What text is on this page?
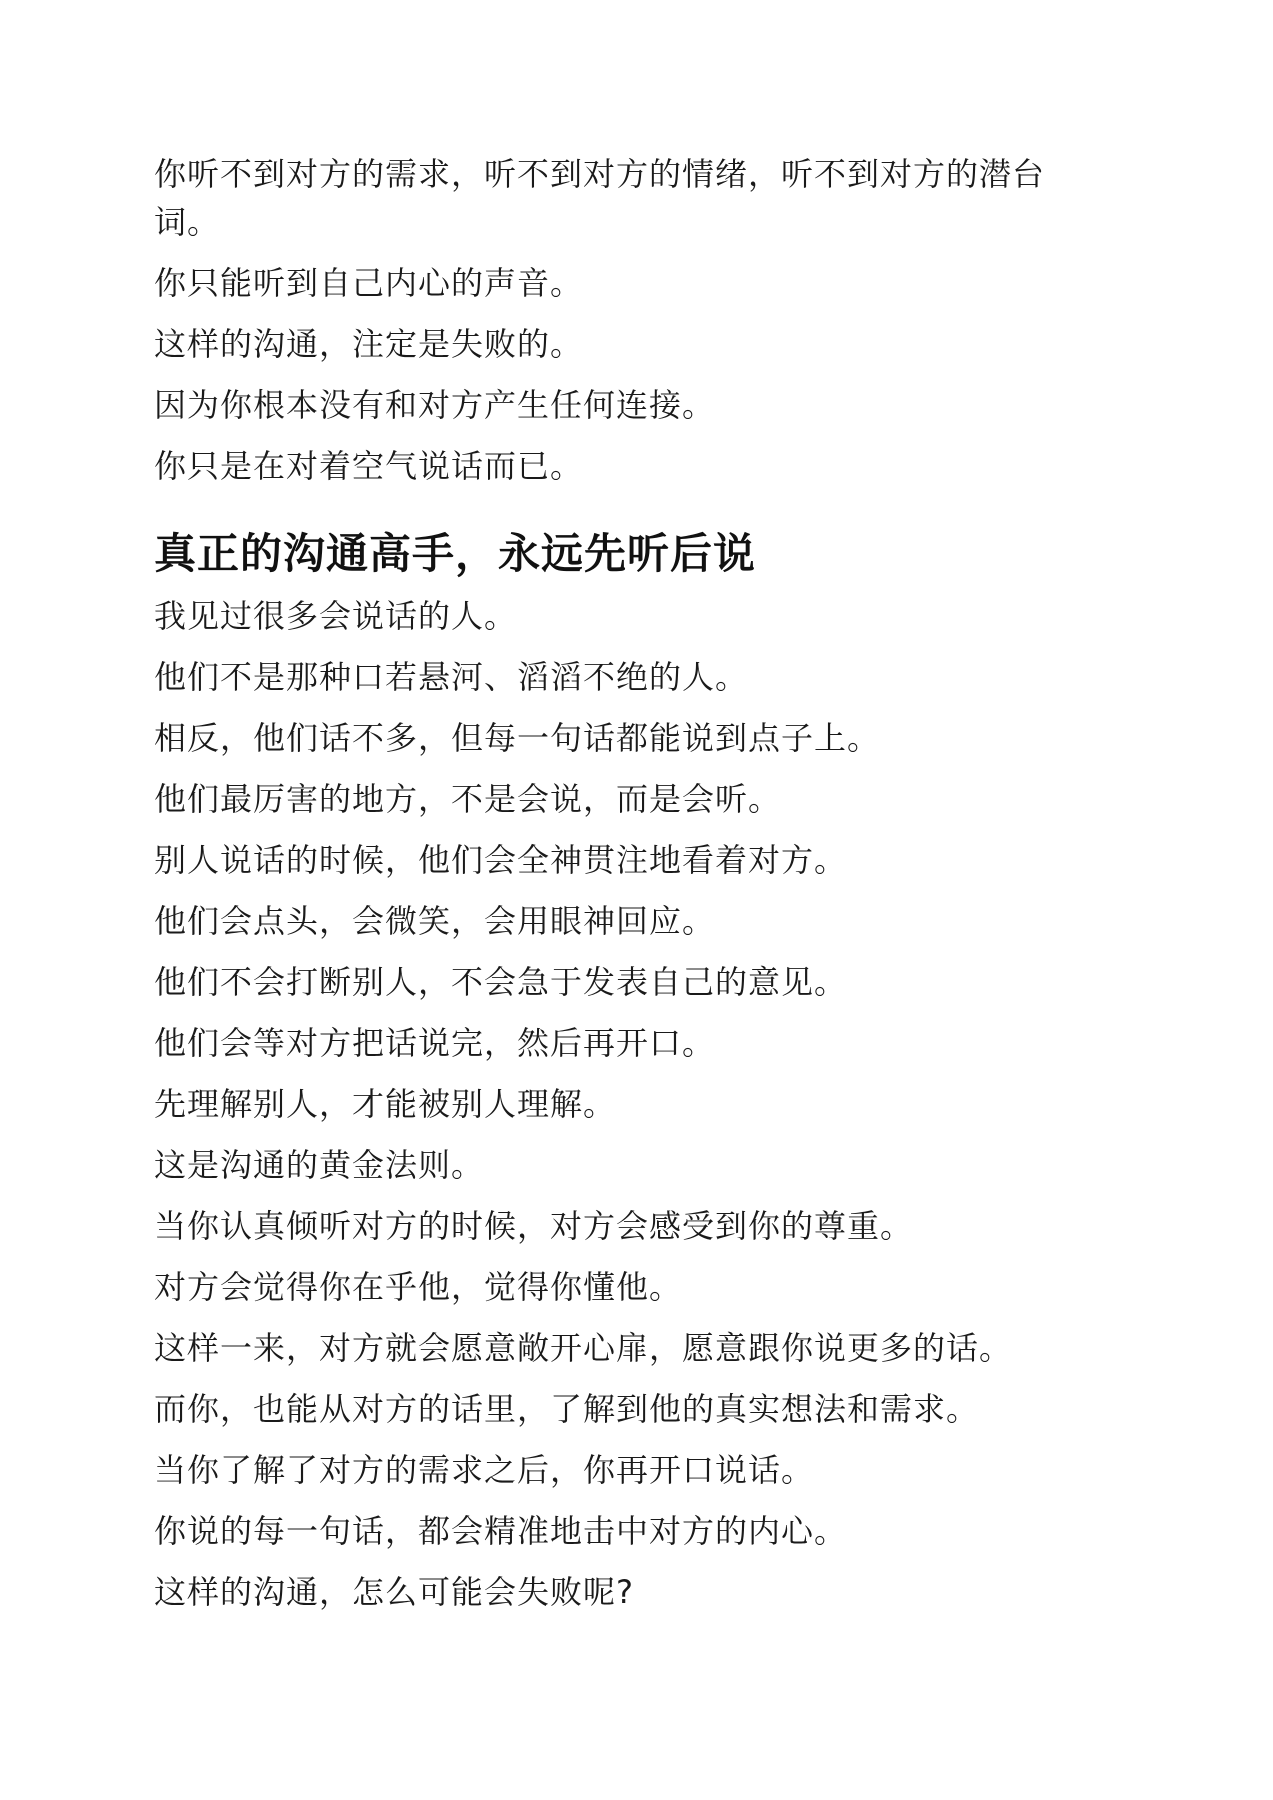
你听不到对方的需求，听不到对方的情绪，听不到对方的潜台词。

你只能听到自己内心的声音。

这样的沟通，注定是失败的。

因为你根本没有和对方产生任何连接。

你只是在对着空气说话而已。

真正的沟通高手，永远先听后说

我见过很多会说话的人。

他们不是那种口若悬河、滔滔不绝的人。

相反，他们话不多，但每一句话都能说到点子上。

他们最厉害的地方，不是会说，而是会听。

别人说话的时候，他们会全神贯注地看着对方。

他们会点头，会微笑，会用眼神回应。

他们不会打断别人，不会急于发表自己的意见。

他们会等对方把话说完，然后再开口。

先理解别人，才能被别人理解。

这是沟通的黄金法则。

当你认真倾听对方的时候，对方会感受到你的尊重。

对方会觉得你在乎他，觉得你懂他。

这样一来，对方就会愿意敞开心扉，愿意跟你说更多的话。

而你，也能从对方的话里，了解到他的真实想法和需求。

当你了解了对方的需求之后，你再开口说话。

你说的每一句话，都会精准地击中对方的内心。

这样的沟通，怎么可能会失败呢?
